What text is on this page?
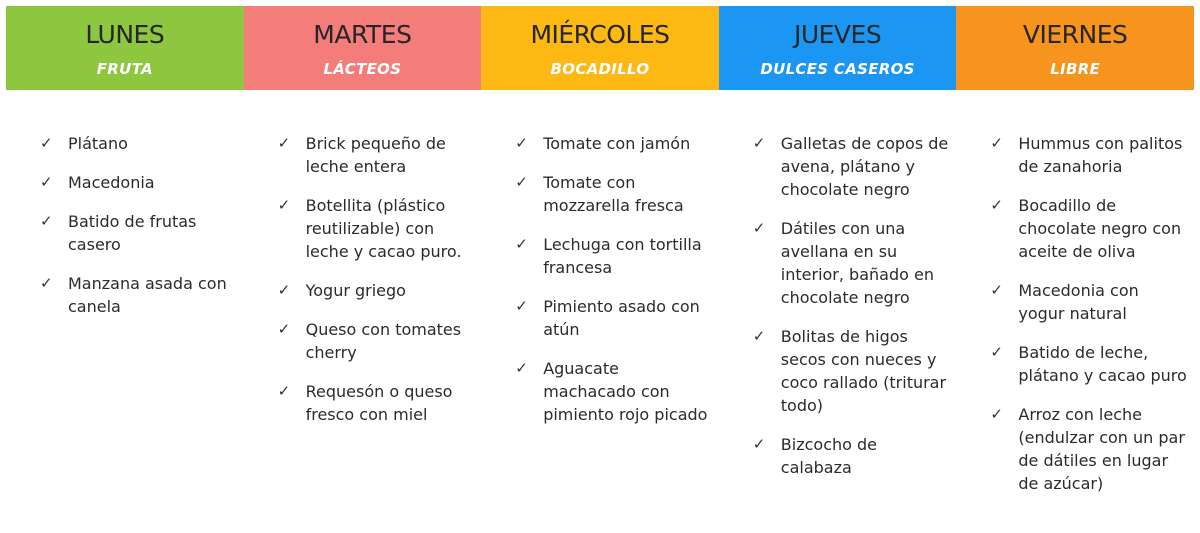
LUNES
FRUTA
MARTES
LÁCTEOS
MIÉRCOLES
BOCADILLO
JUEVES
DULCES CASEROS
VIERNES
LIBRE
✓ Plátano
✓ Macedonia
✓ Batido de frutas casero
✓ Manzana asada con canela
✓ Brick pequeño de leche entera
✓ Botellita (plástico reutilizable) con leche y cacao puro.
✓ Yogur griego
✓ Queso con tomates cherry
✓ Requesón o queso fresco con miel
✓ Tomate con jamón
✓ Tomate con mozzarella fresca
✓ Lechuga con tortilla francesa
✓ Pimiento asado con atún
✓ Aguacate machacado con pimiento rojo picado
✓ Galletas de copos de avena, plátano y chocolate negro
✓ Dátiles con una avellana en su interior, bañado en chocolate negro
✓ Bolitas de higos secos con nueces y coco rallado (triturar todo)
✓ Bizcocho de calabaza
✓ Hummus con palitos de zanahoria
✓ Bocadillo de chocolate negro con aceite de oliva
✓ Macedonia con yogur natural
✓ Batido de leche, plátano y cacao puro
✓ Arroz con leche (endulzar con un par de dátiles en lugar de azúcar)
